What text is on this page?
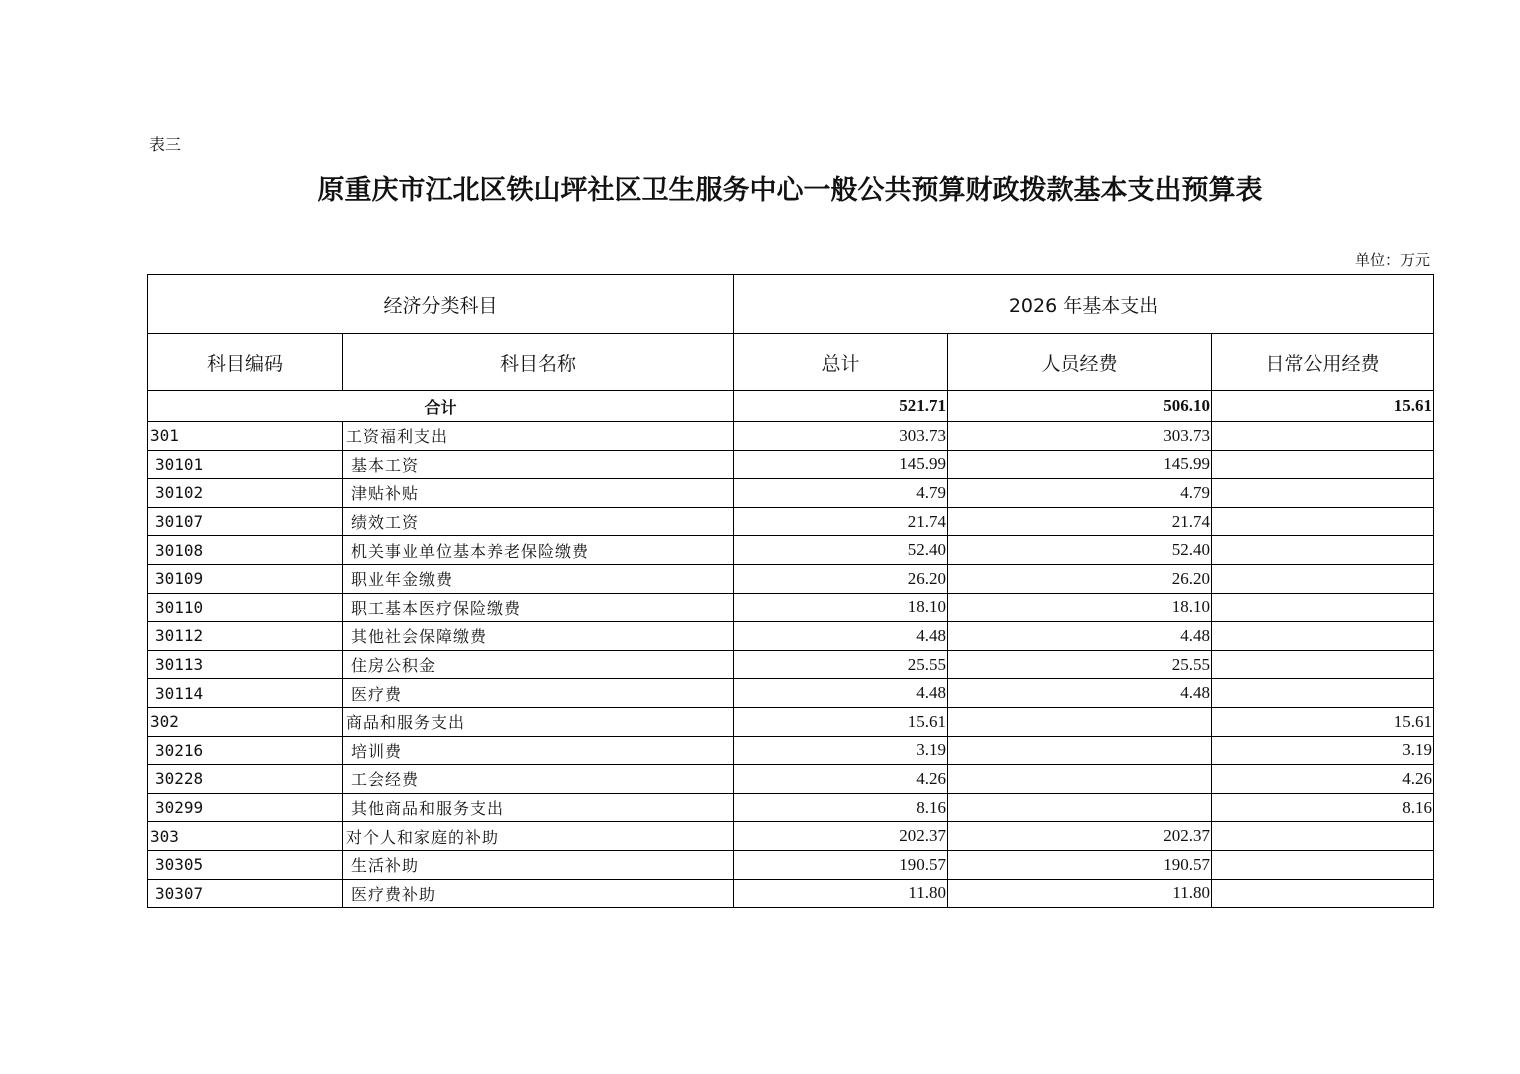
表三
原重庆市江北区铁山坪社区卫生服务中心一般公共预算财政拨款基本支出预算表
单位：万元
经济分类科目		2026 年基本支出		
科目编码	科目名称	总计	人员经费	日常公用经费
合计		521.71	506.10	15.61
301	工资福利支出	303.73	303.73	
30101	基本工资	145.99	145.99	
30102	津贴补贴	4.79	4.79	
30107	绩效工资	21.74	21.74	
30108	机关事业单位基本养老保险缴费	52.40	52.40	
30109	职业年金缴费	26.20	26.20	
30110	职工基本医疗保险缴费	18.10	18.10	
30112	其他社会保障缴费	4.48	4.48	
30113	住房公积金	25.55	25.55	
30114	医疗费	4.48	4.48	
302	商品和服务支出	15.61		15.61
30216	培训费	3.19		3.19
30228	工会经费	4.26		4.26
30299	其他商品和服务支出	8.16		8.16
303	对个人和家庭的补助	202.37	202.37	
30305	生活补助	190.57	190.57	
30307	医疗费补助	11.80	11.80	
